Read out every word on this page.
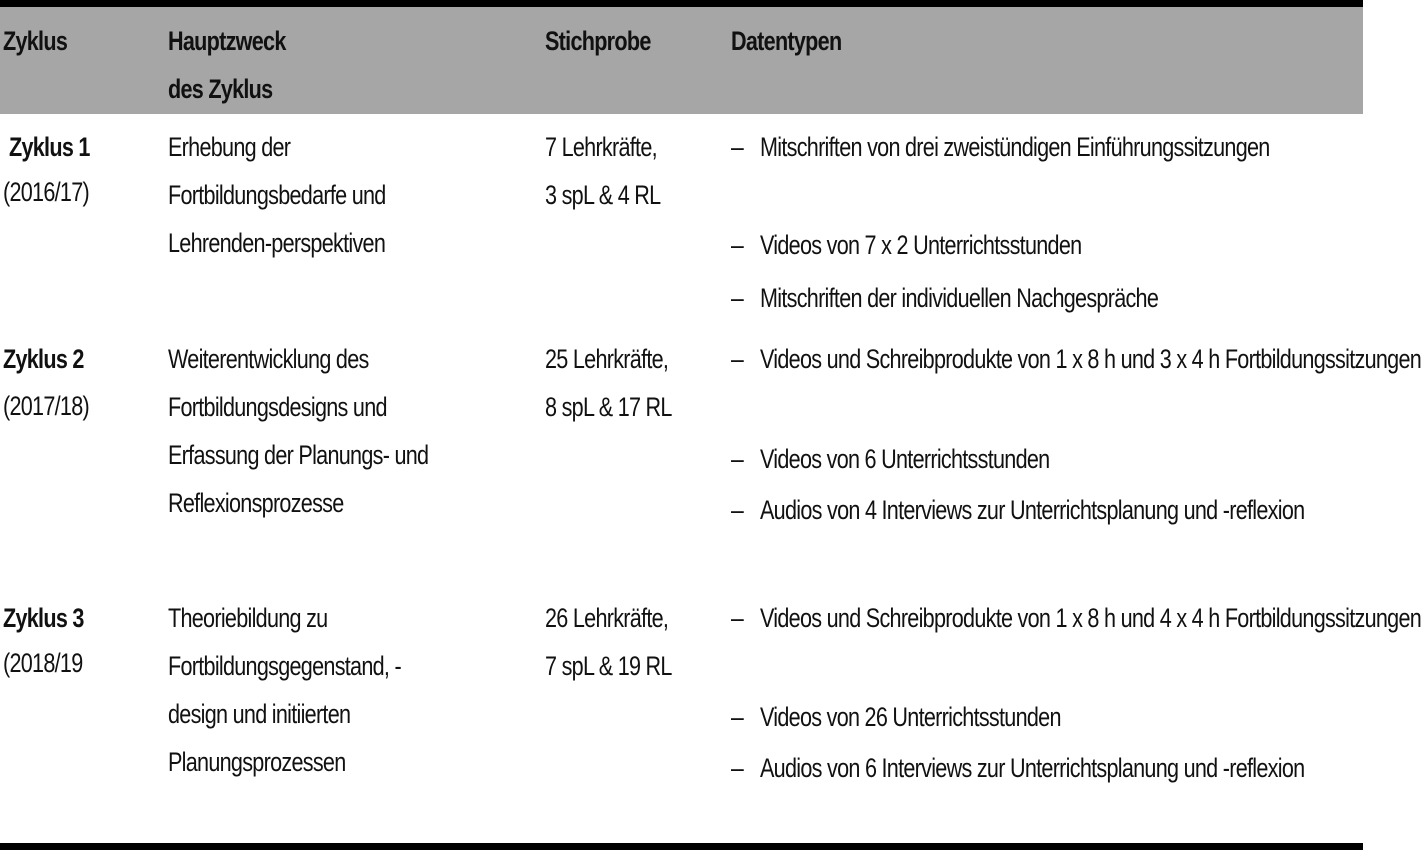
Zyklus	Hauptzweck
des Zyklus
Stichprobe	Datentypen
Zyklus 1
(2016/17)
Erhebung der
Fortbildungsbedarfe und
Lehrenden-perspektiven
7 Lehrkräfte,
3 spL & 4 RL
– Mitschriften von drei zweistündigen Einführungssitzungen
– Videos von 7 x 2 Unterrichtsstunden
– Mitschriften der individuellen Nachgespräche
Zyklus 2
(2017/18)
Weiterentwicklung des
Fortbildungsdesigns und
Erfassung der Planungs- und
Reflexionsprozesse
25 Lehrkräfte,
8 spL & 17 RL
– Videos und Schreibprodukte von 1 x 8 h und 3 x 4 h Fortbildungssitzungen
– Videos von 6 Unterrichtsstunden
– Audios von 4 Interviews zur Unterrichtsplanung und -reflexion
Zyklus 3
(2018/19
Theoriebildung zu
Fortbildungsgegenstand, -
design und initiierten
Planungsprozessen
26 Lehrkräfte,
7 spL & 19 RL
– Videos und Schreibprodukte von 1 x 8 h und 4 x 4 h Fortbildungssitzungen
– Videos von 26 Unterrichtsstunden
– Audios von 6 Interviews zur Unterrichtsplanung und -reflexion
